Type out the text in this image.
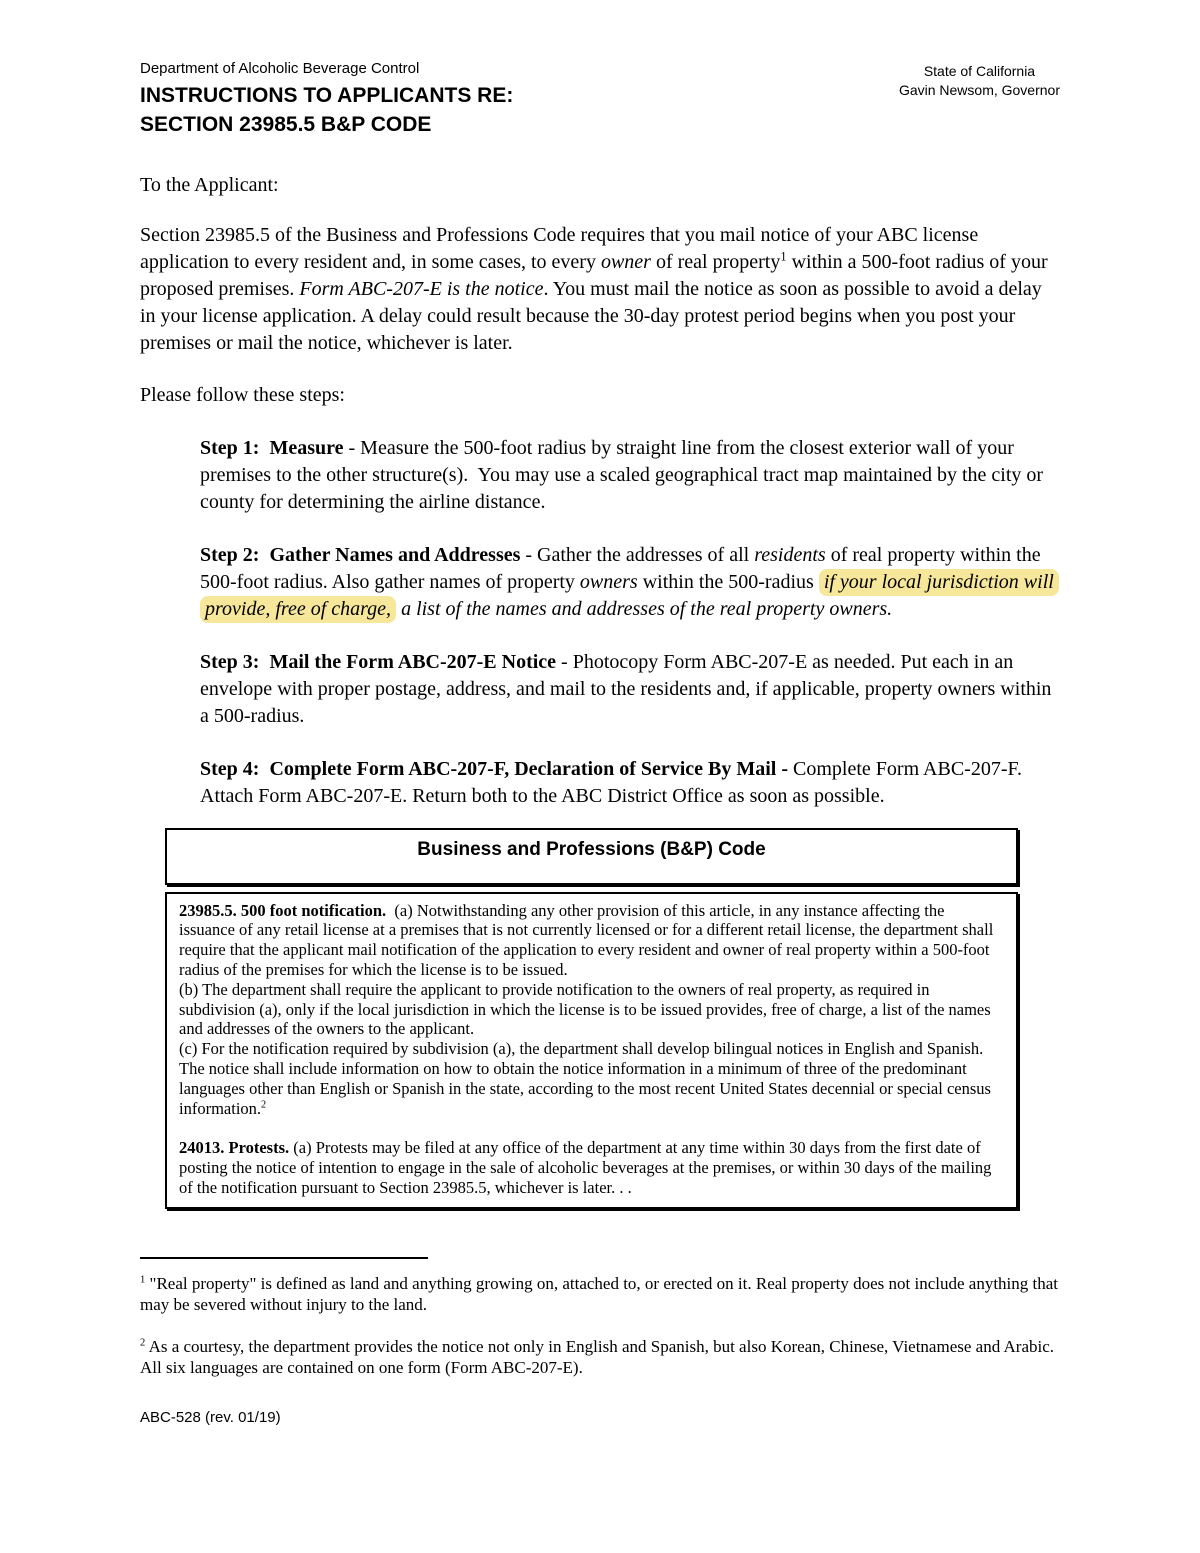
Department of Alcoholic Beverage Control
INSTRUCTIONS TO APPLICANTS RE:
SECTION 23985.5 B&P CODE
State of California
Gavin Newsom, Governor
To the Applicant:
Section 23985.5 of the Business and Professions Code requires that you mail notice of your ABC license application to every resident and, in some cases, to every owner of real property$^1$ within a 500-foot radius of your proposed premises. Form ABC-207-E is the notice. You must mail the notice as soon as possible to avoid a delay in your license application. A delay could result because the 30-day protest period begins when you post your premises or mail the notice, whichever is later.
Please follow these steps:
Step 1:  Measure - Measure the 500-foot radius by straight line from the closest exterior wall of your premises to the other structure(s).  You may use a scaled geographical tract map maintained by the city or county for determining the airline distance.
Step 2:  Gather Names and Addresses - Gather the addresses of all residents of real property within the 500-foot radius. Also gather names of property owners within the 500-radius if your local jurisdiction will provide, free of charge, a list of the names and addresses of the real property owners.
Step 3:  Mail the Form ABC-207-E Notice - Photocopy Form ABC-207-E as needed. Put each in an envelope with proper postage, address, and mail to the residents and, if applicable, property owners within a 500-radius.
Step 4:  Complete Form ABC-207-F, Declaration of Service By Mail - Complete Form ABC-207-F. Attach Form ABC-207-E. Return both to the ABC District Office as soon as possible.
Business and Professions (B&P) Code
23985.5. 500 foot notification.  (a) Notwithstanding any other provision of this article, in any instance affecting the issuance of any retail license at a premises that is not currently licensed or for a different retail license, the department shall require that the applicant mail notification of the application to every resident and owner of real property within a 500-foot radius of the premises for which the license is to be issued.
(b) The department shall require the applicant to provide notification to the owners of real property, as required in subdivision (a), only if the local jurisdiction in which the license is to be issued provides, free of charge, a list of the names and addresses of the owners to the applicant.
(c) For the notification required by subdivision (a), the department shall develop bilingual notices in English and Spanish.  The notice shall include information on how to obtain the notice information in a minimum of three of the predominant languages other than English or Spanish in the state, according to the most recent United States decennial or special census information.$^2$
24013. Protests. (a) Protests may be filed at any office of the department at any time within 30 days from the first date of posting the notice of intention to engage in the sale of alcoholic beverages at the premises, or within 30 days of the mailing of the notification pursuant to Section 23985.5, whichever is later. . .
$^1$ "Real property" is defined as land and anything growing on, attached to, or erected on it. Real property does not include anything that may be severed without injury to the land.
$^2$ As a courtesy, the department provides the notice not only in English and Spanish, but also Korean, Chinese, Vietnamese and Arabic.  All six languages are contained on one form (Form ABC-207-E).
ABC-528 (rev. 01/19)
